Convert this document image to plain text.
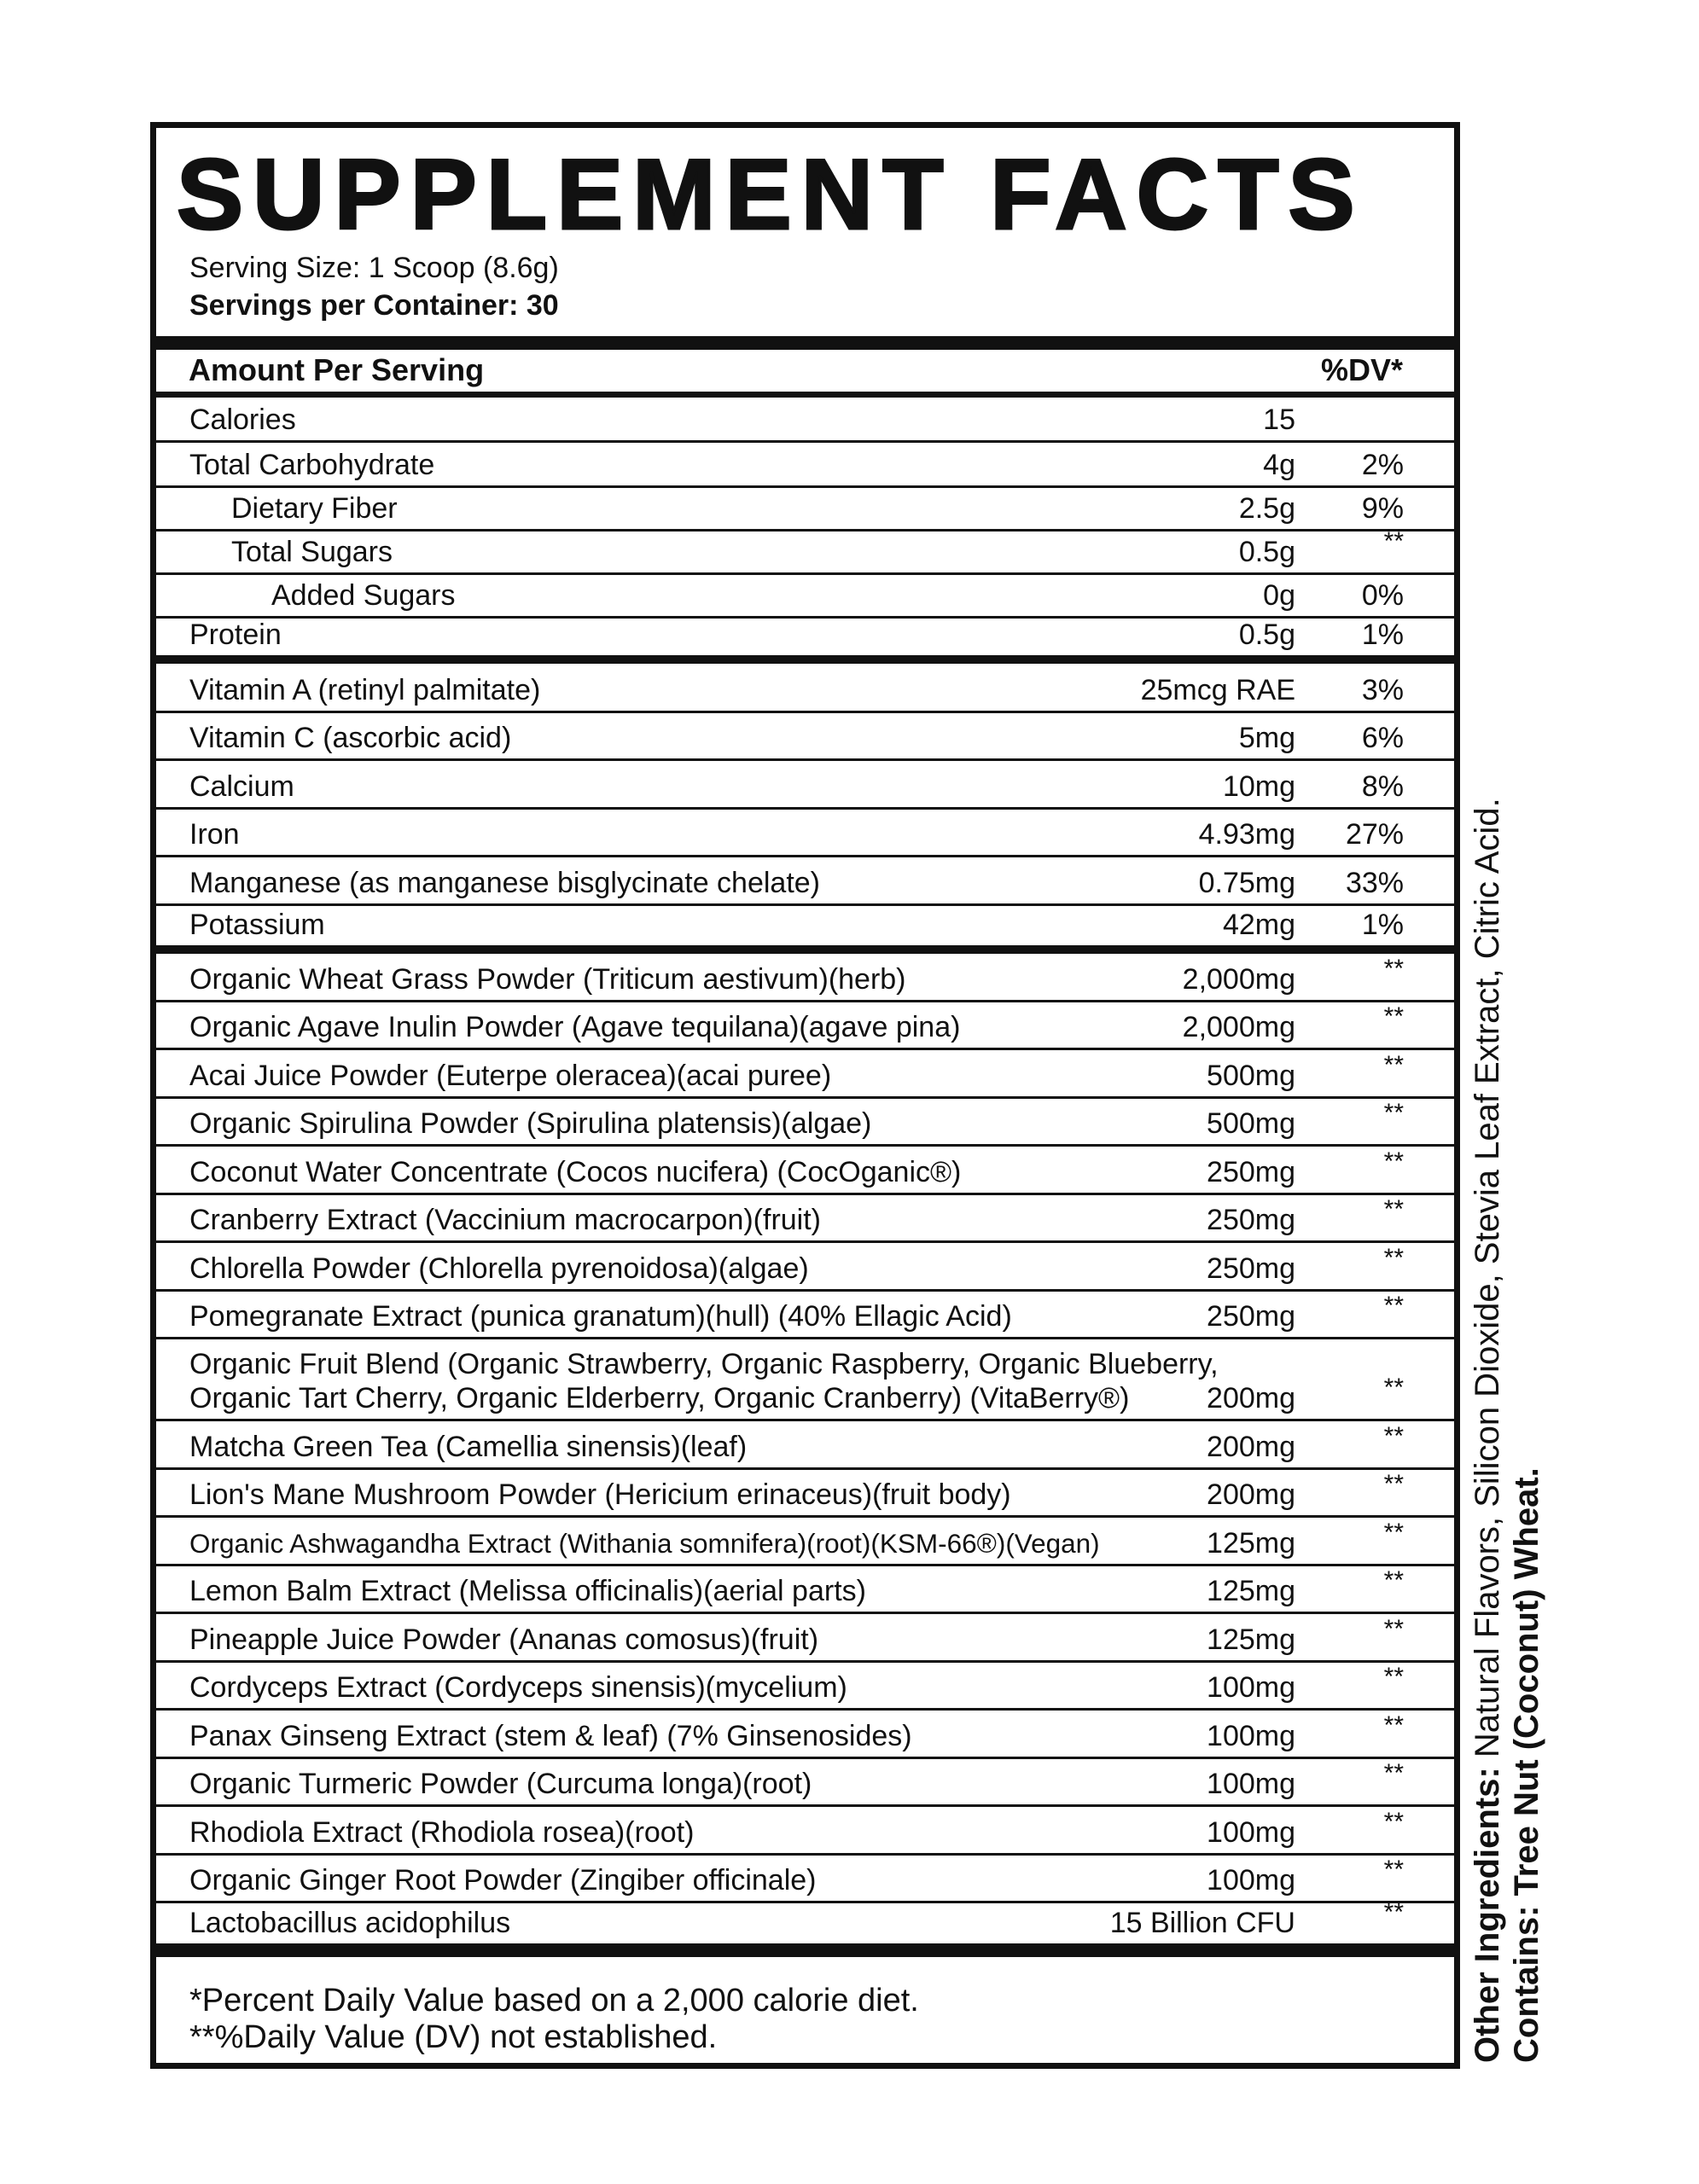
SUPPLEMENT FACTS
Serving Size: 1 Scoop (8.6g)
Servings per Container: 30
Amount Per Serving	%DV*
Calories	15
Total Carbohydrate	4g 2%
Dietary Fiber	2.5g 9%
Total Sugars	0.5g	**
Added Sugars	0g 0%
Protein	0.5g 1%
Vitamin A (retinyl palmitate)	25mcg RAE 3%
Vitamin C (ascorbic acid)	5mg 6%
Calcium	10mg 8%
Iron	4.93mg 27%
Manganese (as manganese bisglycinate chelate)	0.75mg 33%
Potassium	42mg 1%
Organic Wheat Grass Powder (Triticum aestivum)(herb)	2,000mg	**
Organic Agave Inulin Powder (Agave tequilana)(agave pina)	2,000mg	**
Acai Juice Powder (Euterpe oleracea)(acai puree)	500mg	**
Organic Spirulina Powder (Spirulina platensis)(algae)	500mg	**
Coconut Water Concentrate (Cocos nucifera) (CocOganic®)	250mg	**
Cranberry Extract (Vaccinium macrocarpon)(fruit)	250mg	**
Chlorella Powder (Chlorella pyrenoidosa)(algae)	250mg	**
Pomegranate Extract (punica granatum)(hull) (40% Ellagic Acid)	250mg	**
Organic Fruit Blend (Organic Strawberry, Organic Raspberry, Organic Blueberry,
Organic Tart Cherry, Organic Elderberry, Organic Cranberry) (VitaBerry®)	200mg	**
Matcha Green Tea (Camellia sinensis)(leaf)	200mg	**
Lion's Mane Mushroom Powder (Hericium erinaceus)(fruit body)	200mg	**
Organic Ashwagandha Extract (Withania somnifera)(root)(KSM-66®)(Vegan)	125mg	**
Lemon Balm Extract (Melissa officinalis)(aerial parts)	125mg	**
Pineapple Juice Powder (Ananas comosus)(fruit)	125mg	**
Cordyceps Extract (Cordyceps sinensis)(mycelium)	100mg	**
Panax Ginseng Extract (stem & leaf) (7% Ginsenosides)	100mg	**
Organic Turmeric Powder (Curcuma longa)(root)	100mg	**
Rhodiola Extract (Rhodiola rosea)(root)	100mg	**
Organic Ginger Root Powder (Zingiber officinale)	100mg	**
Lactobacillus acidophilus	15 Billion CFU	**
*Percent Daily Value based on a 2,000 calorie diet.
**%Daily Value (DV) not established.	Other Ingredients: Natural Flavors, Silicon Dioxide, Stevia Leaf Extract, Citric Acid. Contains: Tree Nut (Coconut) Wheat.
